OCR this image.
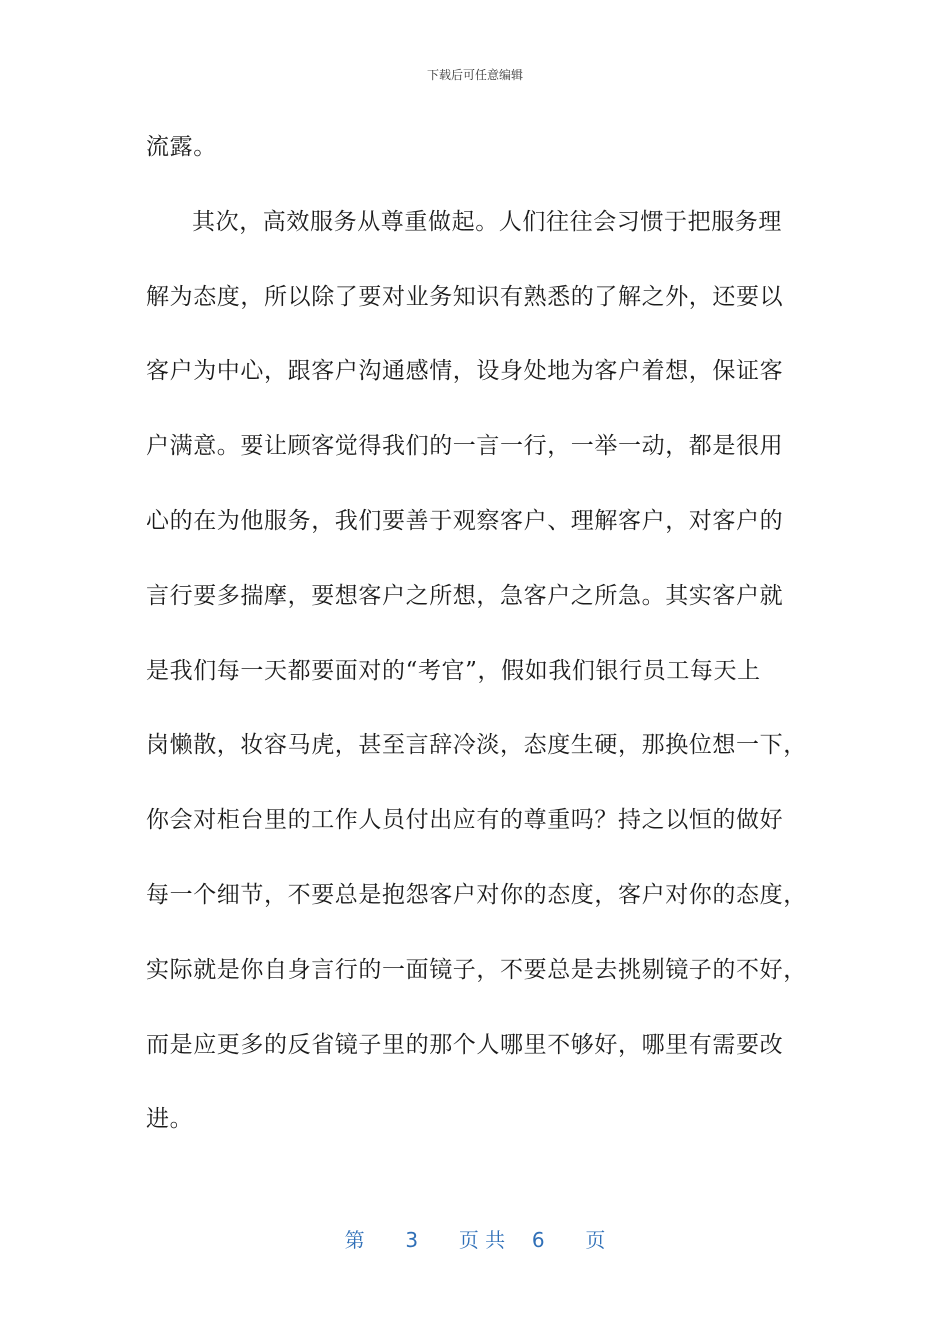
下载后可任意编辑
流露。
其次，高效服务从尊重做起。人们往往会习惯于把服务理
解为态度，所以除了要对业务知识有熟悉的了解之外，还要以
客户为中心，跟客户沟通感情，设身处地为客户着想，保证客
户满意。要让顾客觉得我们的一言一行，一举一动，都是很用
心的在为他服务，我们要善于观察客户、理解客户，对客户的
言行要多揣摩，要想客户之所想，急客户之所急。其实客户就
是我们每一天都要面对的“考官”，假如我们银行员工每天上
岗懒散，妆容马虎，甚至言辞冷淡，态度生硬，那换位想一下，
你会对柜台里的工作人员付出应有的尊重吗？持之以恒的做好
每一个细节，不要总是抱怨客户对你的态度，客户对你的态度，
实际就是你自身言行的一面镜子，不要总是去挑剔镜子的不好，
而是应更多的反省镜子里的那个人哪里不够好，哪里有需要改
进。
第 3 页 共 6 页
